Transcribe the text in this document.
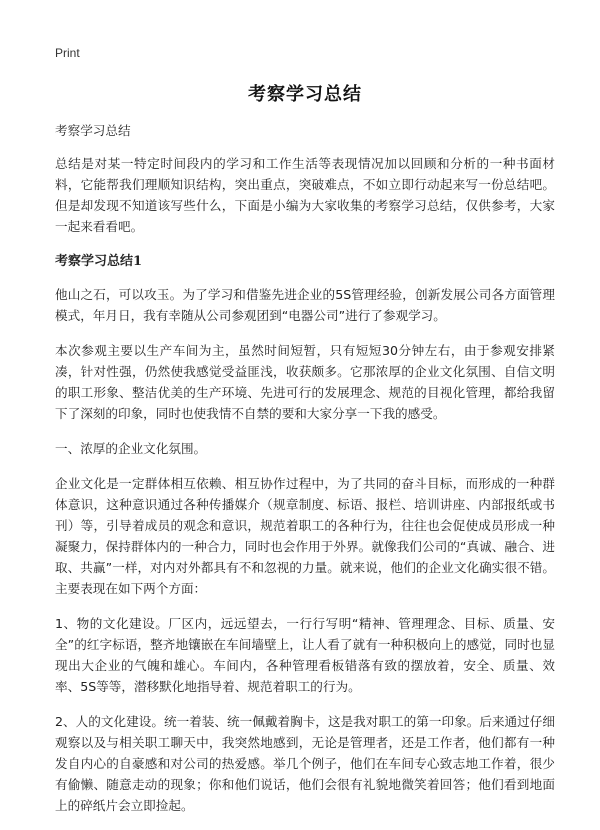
Print
考察学习总结

考察学习总结

总结是对某一特定时间段内的学习和工作生活等表现情况加以回顾和分析的一种书面材料，它能帮我们理顺知识结构，突出重点，突破难点，不如立即行动起来写一份总结吧。但是却发现不知道该写些什么，下面是小编为大家收集的考察学习总结，仅供参考，大家一起来看看吧。

考察学习总结1

他山之石，可以攻玉。为了学习和借鉴先进企业的5S管理经验，创新发展公司各方面管理模式，年月日，我有幸随从公司参观团到“电器公司”进行了参观学习。

本次参观主要以生产车间为主，虽然时间短暂，只有短短30分钟左右，由于参观安排紧凑，针对性强，仍然使我感觉受益匪浅，收获颇多。它那浓厚的企业文化氛围、自信文明的职工形象、整洁优美的生产环境、先进可行的发展理念、规范的目视化管理，都给我留下了深刻的印象，同时也使我情不自禁的要和大家分享一下我的感受。

一、浓厚的企业文化氛围。

企业文化是一定群体相互依赖、相互协作过程中，为了共同的奋斗目标，而形成的一种群体意识，这种意识通过各种传播媒介（规章制度、标语、报栏、培训讲座、内部报纸或书刊）等，引导着成员的观念和意识，规范着职工的各种行为，往往也会促使成员形成一种凝聚力，保持群体内的一种合力，同时也会作用于外界。就像我们公司的“真诚、融合、进取、共赢”一样，对内对外都具有不和忽视的力量。就来说，他们的企业文化确实很不错。主要表现在如下两个方面：

1、物的文化建设。厂区内，远远望去，一行行写明“精神、管理理念、目标、质量、安全”的红字标语，整齐地镶嵌在车间墙壁上，让人看了就有一种积极向上的感觉，同时也显现出大企业的气魄和雄心。车间内，各种管理看板错落有致的摆放着，安全、质量、效率、5S等等，潜移默化地指导着、规范着职工的行为。

2、人的文化建设。统一着装、统一佩戴着胸卡，这是我对职工的第一印象。后来通过仔细观察以及与相关职工聊天中，我突然地感到，无论是管理者，还是工作者，他们都有一种发自内心的自豪感和对公司的热爱感。举几个例子，他们在车间专心致志地工作着，很少有偷懒、随意走动的现象；你和他们说话，他们会很有礼貌地微笑着回答；他们看到地面上的碎纸片会立即捡起。
